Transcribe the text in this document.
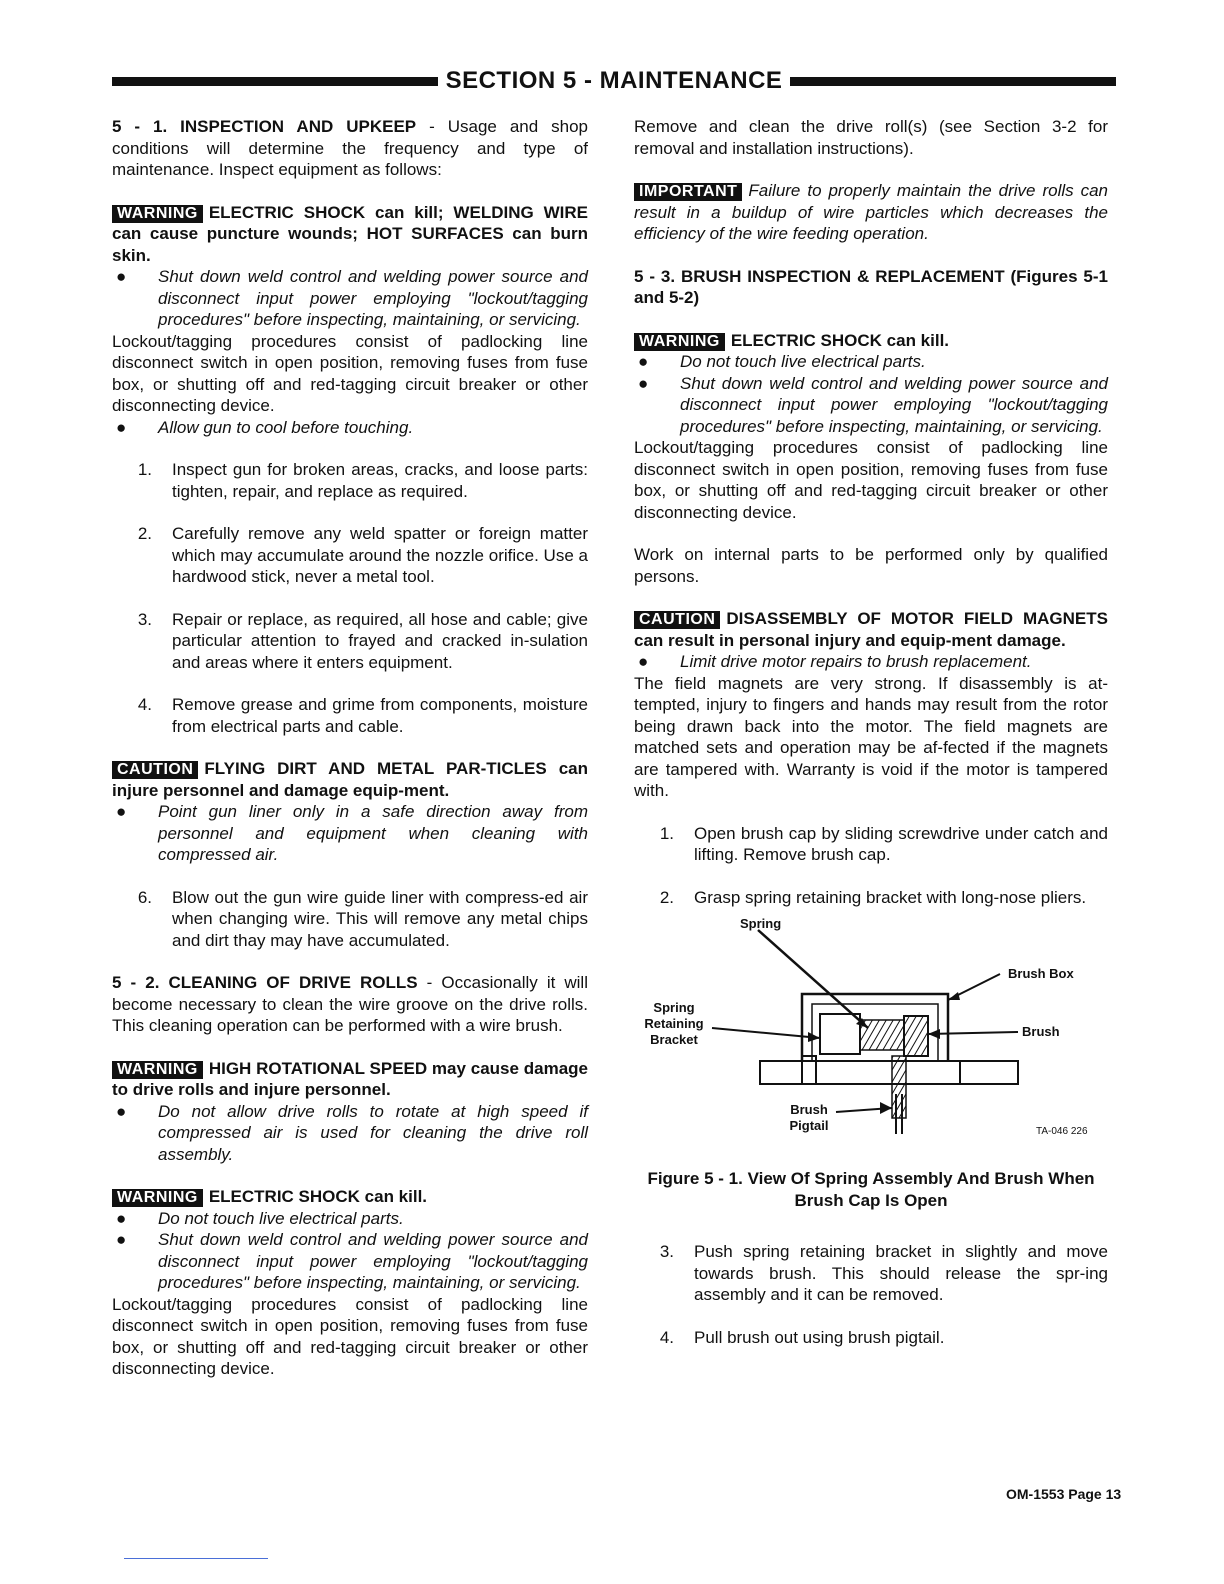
SECTION 5 - MAINTENANCE

5 - 1. INSPECTION AND UPKEEP - Usage and shop conditions will determine the frequency and type of maintenance. Inspect equipment as follows:

WARNING ELECTRIC SHOCK can kill; WELDING WIRE can cause puncture wounds; HOT SURFACES can burn skin.

●	Shut down weld control and welding power source and disconnect input power employing "lockout/tagging procedures" before inspecting, maintaining, or servicing.

Lockout/tagging procedures consist of padlocking line disconnect switch in open position, removing fuses from fuse box, or shutting off and red-tagging circuit breaker or other disconnecting device.

●	Allow gun to cool before touching.
1.	Inspect gun for broken areas, cracks, and loose parts: tighten, repair, and replace as required.
2.	Carefully remove any weld spatter or foreign matter which may accumulate around the nozzle orifice. Use a hardwood stick, never a metal tool.
3.	Repair or replace, as required, all hose and cable; give particular attention to frayed and cracked in-sulation and areas where it enters equipment.
4.	Remove grease and grime from components, moisture from electrical parts and cable.

CAUTION FLYING DIRT AND METAL PAR-TICLES can injure personnel and damage equip-ment.

●	Point gun liner only in a safe direction away from personnel and equipment when cleaning with compressed air.
6.	Blow out the gun wire guide liner with compress-ed air when changing wire. This will remove any metal chips and dirt thay may have accumulated.

5 - 2. CLEANING OF DRIVE ROLLS - Occasionally it will become necessary to clean the wire groove on the drive rolls. This cleaning operation can be performed with a wire brush.

WARNING HIGH ROTATIONAL SPEED may cause damage to drive rolls and injure personnel.

●	Do not allow drive rolls to rotate at high speed if compressed air is used for cleaning the drive roll assembly.

WARNING ELECTRIC SHOCK can kill.

●	Do not touch live electrical parts.
●	Shut down weld control and welding power source and disconnect input power employing "lockout/tagging procedures" before inspecting, maintaining, or servicing.

Lockout/tagging procedures consist of padlocking line disconnect switch in open position, removing fuses from fuse box, or shutting off and red-tagging circuit breaker or other disconnecting device.

Remove and clean the drive roll(s) (see Section 3-2 for removal and installation instructions).

IMPORTANT Failure to properly maintain the drive rolls can result in a buildup of wire particles which decreases the efficiency of the wire feeding operation.

5 - 3. BRUSH INSPECTION & REPLACEMENT (Figures 5-1 and 5-2)

WARNING ELECTRIC SHOCK can kill.

●	Do not touch live electrical parts.
●	Shut down weld control and welding power source and disconnect input power employing "lockout/tagging procedures" before inspecting, maintaining, or servicing.

Lockout/tagging procedures consist of padlocking line disconnect switch in open position, removing fuses from fuse box, or shutting off and red-tagging circuit breaker or other disconnecting device.

Work on internal parts to be performed only by qualified persons.

CAUTION DISASSEMBLY OF MOTOR FIELD MAGNETS can result in personal injury and equip-ment damage.

●	Limit drive motor repairs to brush replacement.

The field magnets are very strong. If disassembly is at-tempted, injury to fingers and hands may result from the rotor being drawn back into the motor. The field magnets are matched sets and operation may be af-fected if the magnets are tampered with. Warranty is void if the motor is tampered with.

1.	Open brush cap by sliding screwdrive under catch and lifting. Remove brush cap.
2.	Grasp spring retaining bracket with long-nose pliers.
Spring
Brush Box
Spring Retaining Bracket
Brush
Brush Pigtail	TA-046 226

Figure 5 - 1. View Of Spring Assembly And Brush When Brush Cap Is Open

3.	Push spring retaining bracket in slightly and move towards brush. This should release the spr-ing assembly and it can be removed.
4.	Pull brush out using brush pigtail.
OM-1553 Page 13
